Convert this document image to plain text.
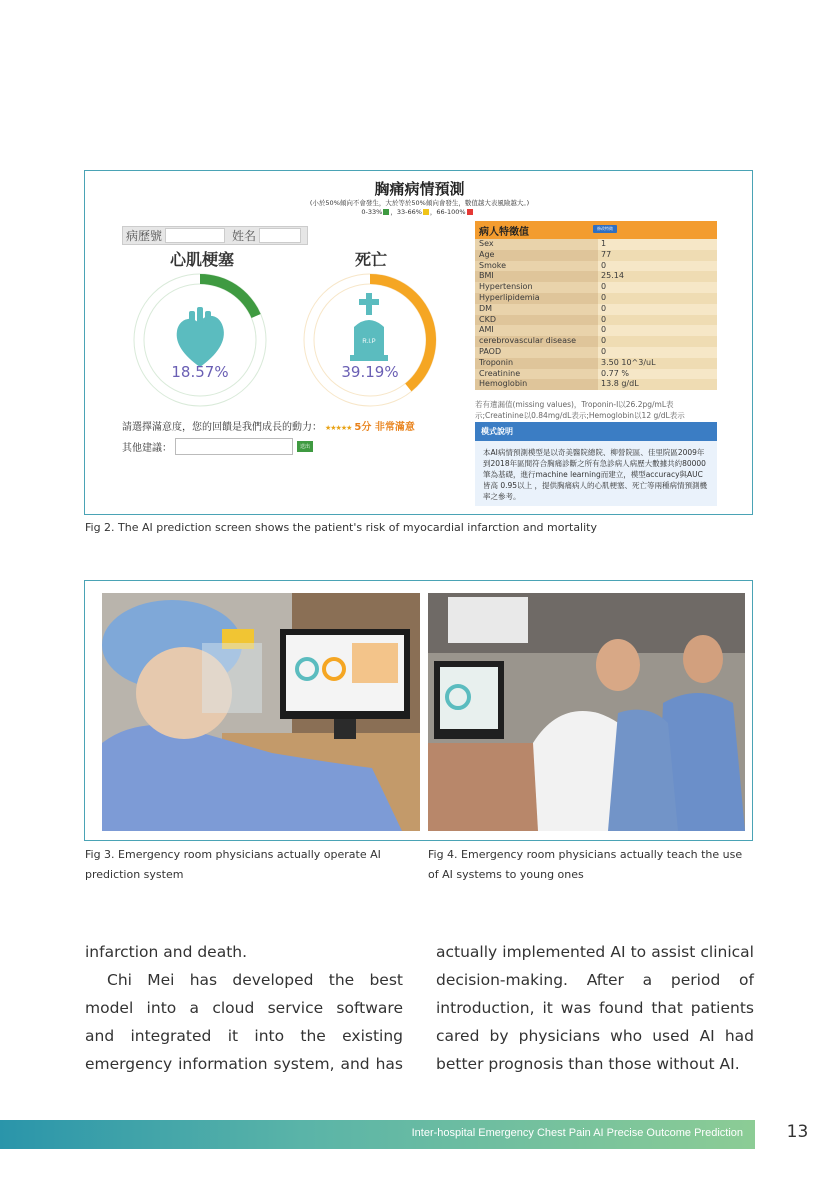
胸痛病情預測
(小於50%傾向不會發生，大於等於50%傾向會發生，數值越大表風險越大。)
0-33% ，33-66% ，66-100%
病歷號	姓名
心肌梗塞
18.57%
死亡
R.I.P
39.19%
請選擇滿意度，您的回饋是我們成長的動力： ★★★★★ 5分 非常滿意
其他建議：	送出
病人特徵值	修改特徵
Sex	1
Age	77
Smoke	0
BMI	25.14
Hypertension	0
Hyperlipidemia	0
DM	0
CKD	0
AMI	0
cerebrovascular disease	0
PAOD	0
Troponin	3.50 10^3/uL
Creatinine	0.77 %
Hemoglobin	13.8 g/dL
若有遺漏值(missing values)，Troponin-I以26.2pg/mL表示;Creatinine以0.84mg/dL表示;Hemoglobin以12 g/dL表示
模式說明
本AI病情預測模型是以奇美醫院總院、柳營院區、佳里院區2009年到2018年區間符合胸痛診斷之所有急診病人病歷大數據共約80000筆為基礎，進行machine learning而建立，模型accuracy與AUC 皆高 0.95以上 ，提供胸痛病人的心肌梗塞、死亡等兩種病情預測機率之參考。
Fig 2. The AI prediction screen shows the patient's risk of myocardial infarction and mortality
Fig 3. Emergency room physicians actually operate AI
prediction system
Fig 4. Emergency room physicians actually teach the use
of AI systems to young ones
infarction and death.
Chi Mei has developed the best
model into a cloud service software
and integrated it into the existing
emergency information system, and has
actually implemented AI to assist clinical
decision-making. After a period of
introduction, it was found that patients
cared by physicians who used AI had
better prognosis than those without AI.
Inter-hospital Emergency Chest Pain AI Precise Outcome Prediction	13
